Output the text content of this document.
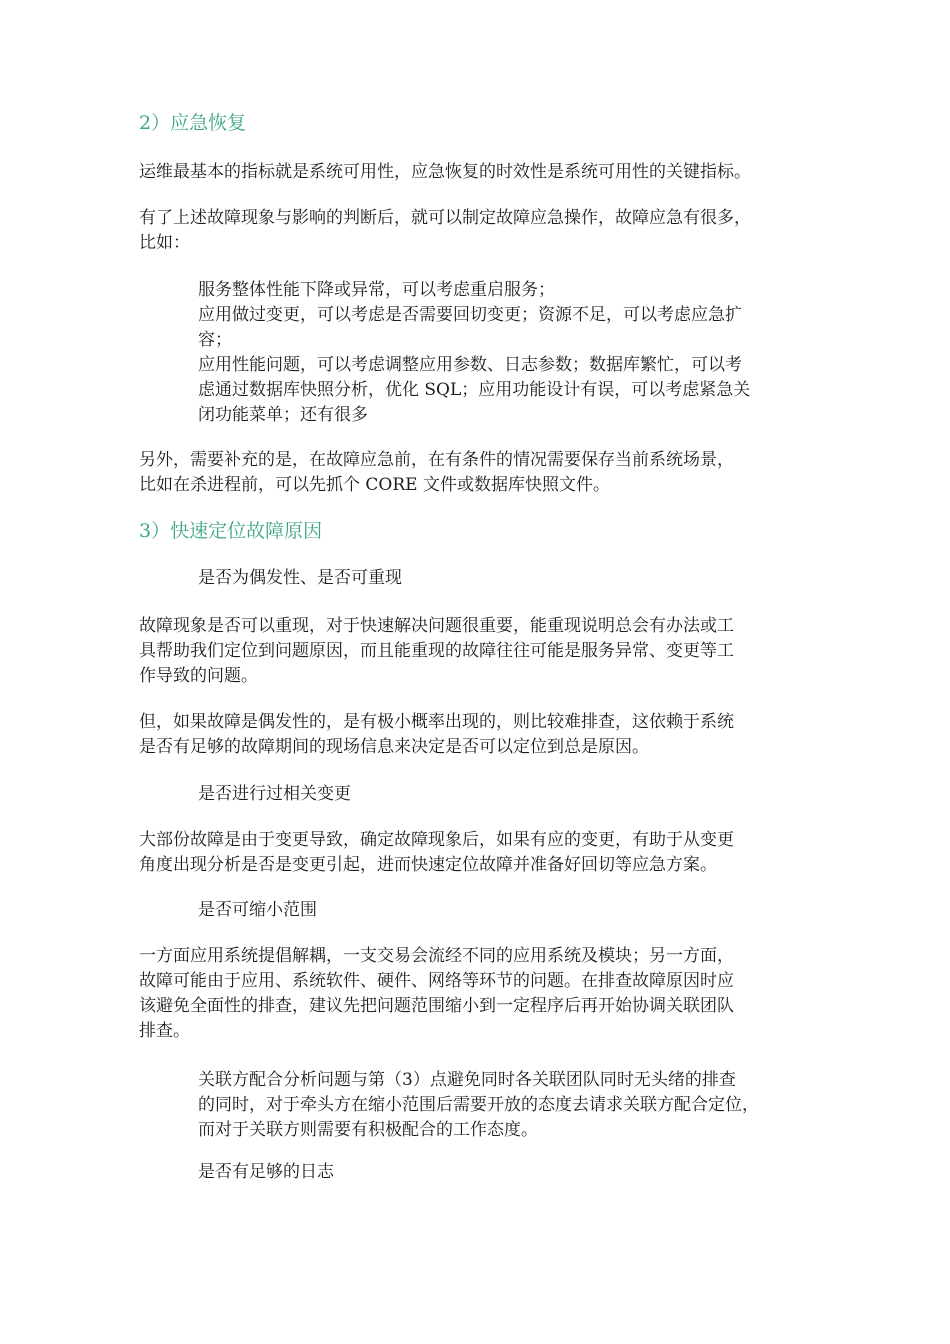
2）应急恢复
运维最基本的指标就是系统可用性，应急恢复的时效性是系统可用性的关键指标。
有了上述故障现象与影响的判断后，就可以制定故障应急操作，故障应急有很多，
比如：
服务整体性能下降或异常，可以考虑重启服务；
应用做过变更，可以考虑是否需要回切变更；资源不足，可以考虑应急扩
容；
应用性能问题，可以考虑调整应用参数、日志参数；数据库繁忙，可以考
虑通过数据库快照分析，优化 SQL；应用功能设计有误，可以考虑紧急关
闭功能菜单；还有很多
另外，需要补充的是，在故障应急前，在有条件的情况需要保存当前系统场景，
比如在杀进程前，可以先抓个 CORE 文件或数据库快照文件。
3）快速定位故障原因
是否为偶发性、是否可重现
故障现象是否可以重现，对于快速解决问题很重要，能重现说明总会有办法或工
具帮助我们定位到问题原因，而且能重现的故障往往可能是服务异常、变更等工
作导致的问题。
但，如果故障是偶发性的，是有极小概率出现的，则比较难排查，这依赖于系统
是否有足够的故障期间的现场信息来决定是否可以定位到总是原因。
是否进行过相关变更
大部份故障是由于变更导致，确定故障现象后，如果有应的变更，有助于从变更
角度出现分析是否是变更引起，进而快速定位故障并准备好回切等应急方案。
是否可缩小范围
一方面应用系统提倡解耦，一支交易会流经不同的应用系统及模块；另一方面，
故障可能由于应用、系统软件、硬件、网络等环节的问题。在排查故障原因时应
该避免全面性的排查，建议先把问题范围缩小到一定程序后再开始协调关联团队
排查。
关联方配合分析问题与第（3）点避免同时各关联团队同时无头绪的排查
的同时，对于牵头方在缩小范围后需要开放的态度去请求关联方配合定位，
而对于关联方则需要有积极配合的工作态度。
是否有足够的日志
